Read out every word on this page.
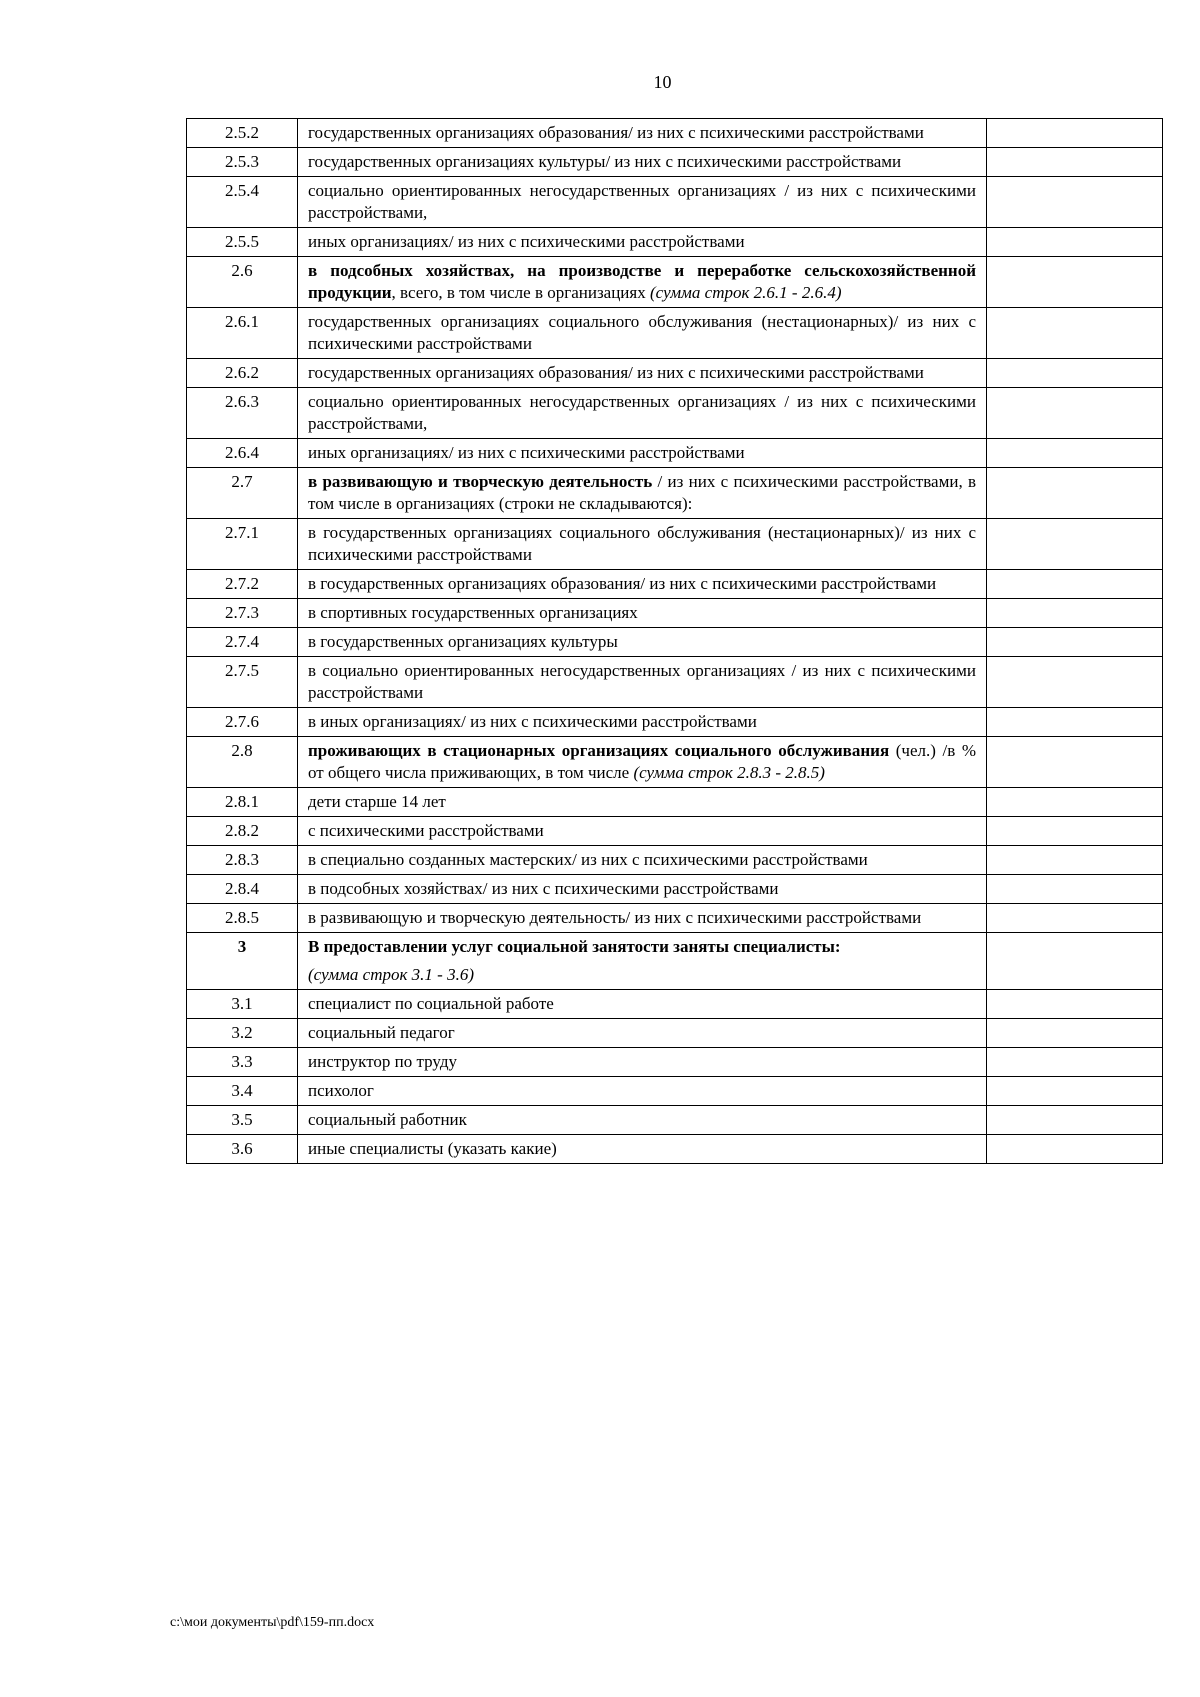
10
2.5.2	государственных организациях образования/ из них с психическими расстройствами	
2.5.3	государственных организациях культуры/ из них с психическими расстройствами	
2.5.4	социально ориентированных негосударственных организациях / из них с психическими расстройствами,	
2.5.5	иных организациях/ из них с психическими расстройствами	
2.6	в подсобных хозяйствах, на производстве и переработке сельскохозяйственной продукции, всего, в том числе в организациях (сумма строк 2.6.1 - 2.6.4)	
2.6.1	государственных организациях социального обслуживания (нестационарных)/ из них с психическими расстройствами	
2.6.2	государственных организациях образования/ из них с психическими расстройствами	
2.6.3	социально ориентированных негосударственных организациях / из них с психическими расстройствами,	
2.6.4	иных организациях/ из них с психическими расстройствами	
2.7	в развивающую и творческую деятельность / из них с психическими расстройствами, в том числе в организациях (строки не складываются):	
2.7.1	в государственных организациях социального обслуживания (нестационарных)/ из них с психическими расстройствами	
2.7.2	в государственных организациях образования/ из них с психическими расстройствами	
2.7.3	в спортивных государственных организациях	
2.7.4	в государственных организациях культуры	
2.7.5	в социально ориентированных негосударственных организациях / из них с психическими расстройствами	
2.7.6	в иных организациях/ из них с психическими расстройствами	
2.8	проживающих в стационарных организациях социального обслуживания (чел.) /в % от общего числа приживающих, в том числе (сумма строк 2.8.3 - 2.8.5)	
2.8.1	дети старше 14 лет	
2.8.2	с психическими расстройствами	
2.8.3	в специально созданных мастерских/ из них с психическими расстройствами	
2.8.4	в подсобных хозяйствах/ из них с психическими расстройствами	
2.8.5	в развивающую и творческую деятельность/ из них с психическими расстройствами	
3	В предоставлении услуг социальной занятости заняты специалисты:
(сумма строк 3.1 - 3.6)	

3.1	специалист по социальной работе	
3.2	социальный педагог	
3.3	инструктор по труду	
3.4	психолог	
3.5	социальный работник	
3.6	иные специалисты (указать какие)	
c:\мои документы\pdf\159-пп.docx
